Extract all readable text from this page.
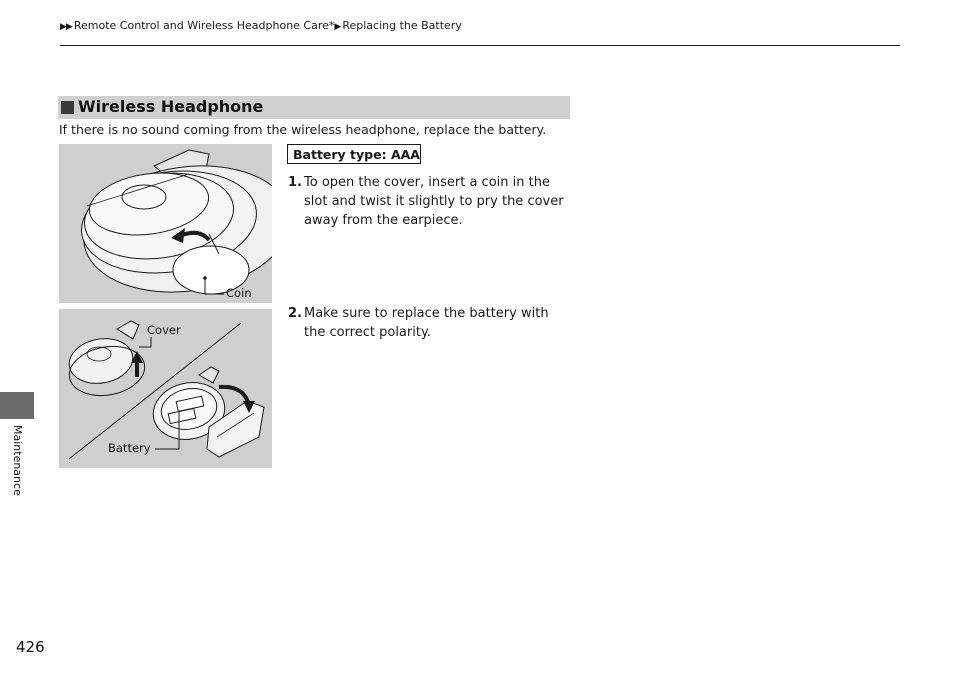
▶▶ Remote Control and Wireless Headphone Care*▶ Replacing the Battery
Wireless Headphone
If there is no sound coming from the wireless headphone, replace the battery.
Coin
Cover
Battery
Battery type: AAA
1. To open the cover, insert a coin in the slot and twist it slightly to pry the cover away from the earpiece.
2. Make sure to replace the battery with the correct polarity.
Maintenance
426
